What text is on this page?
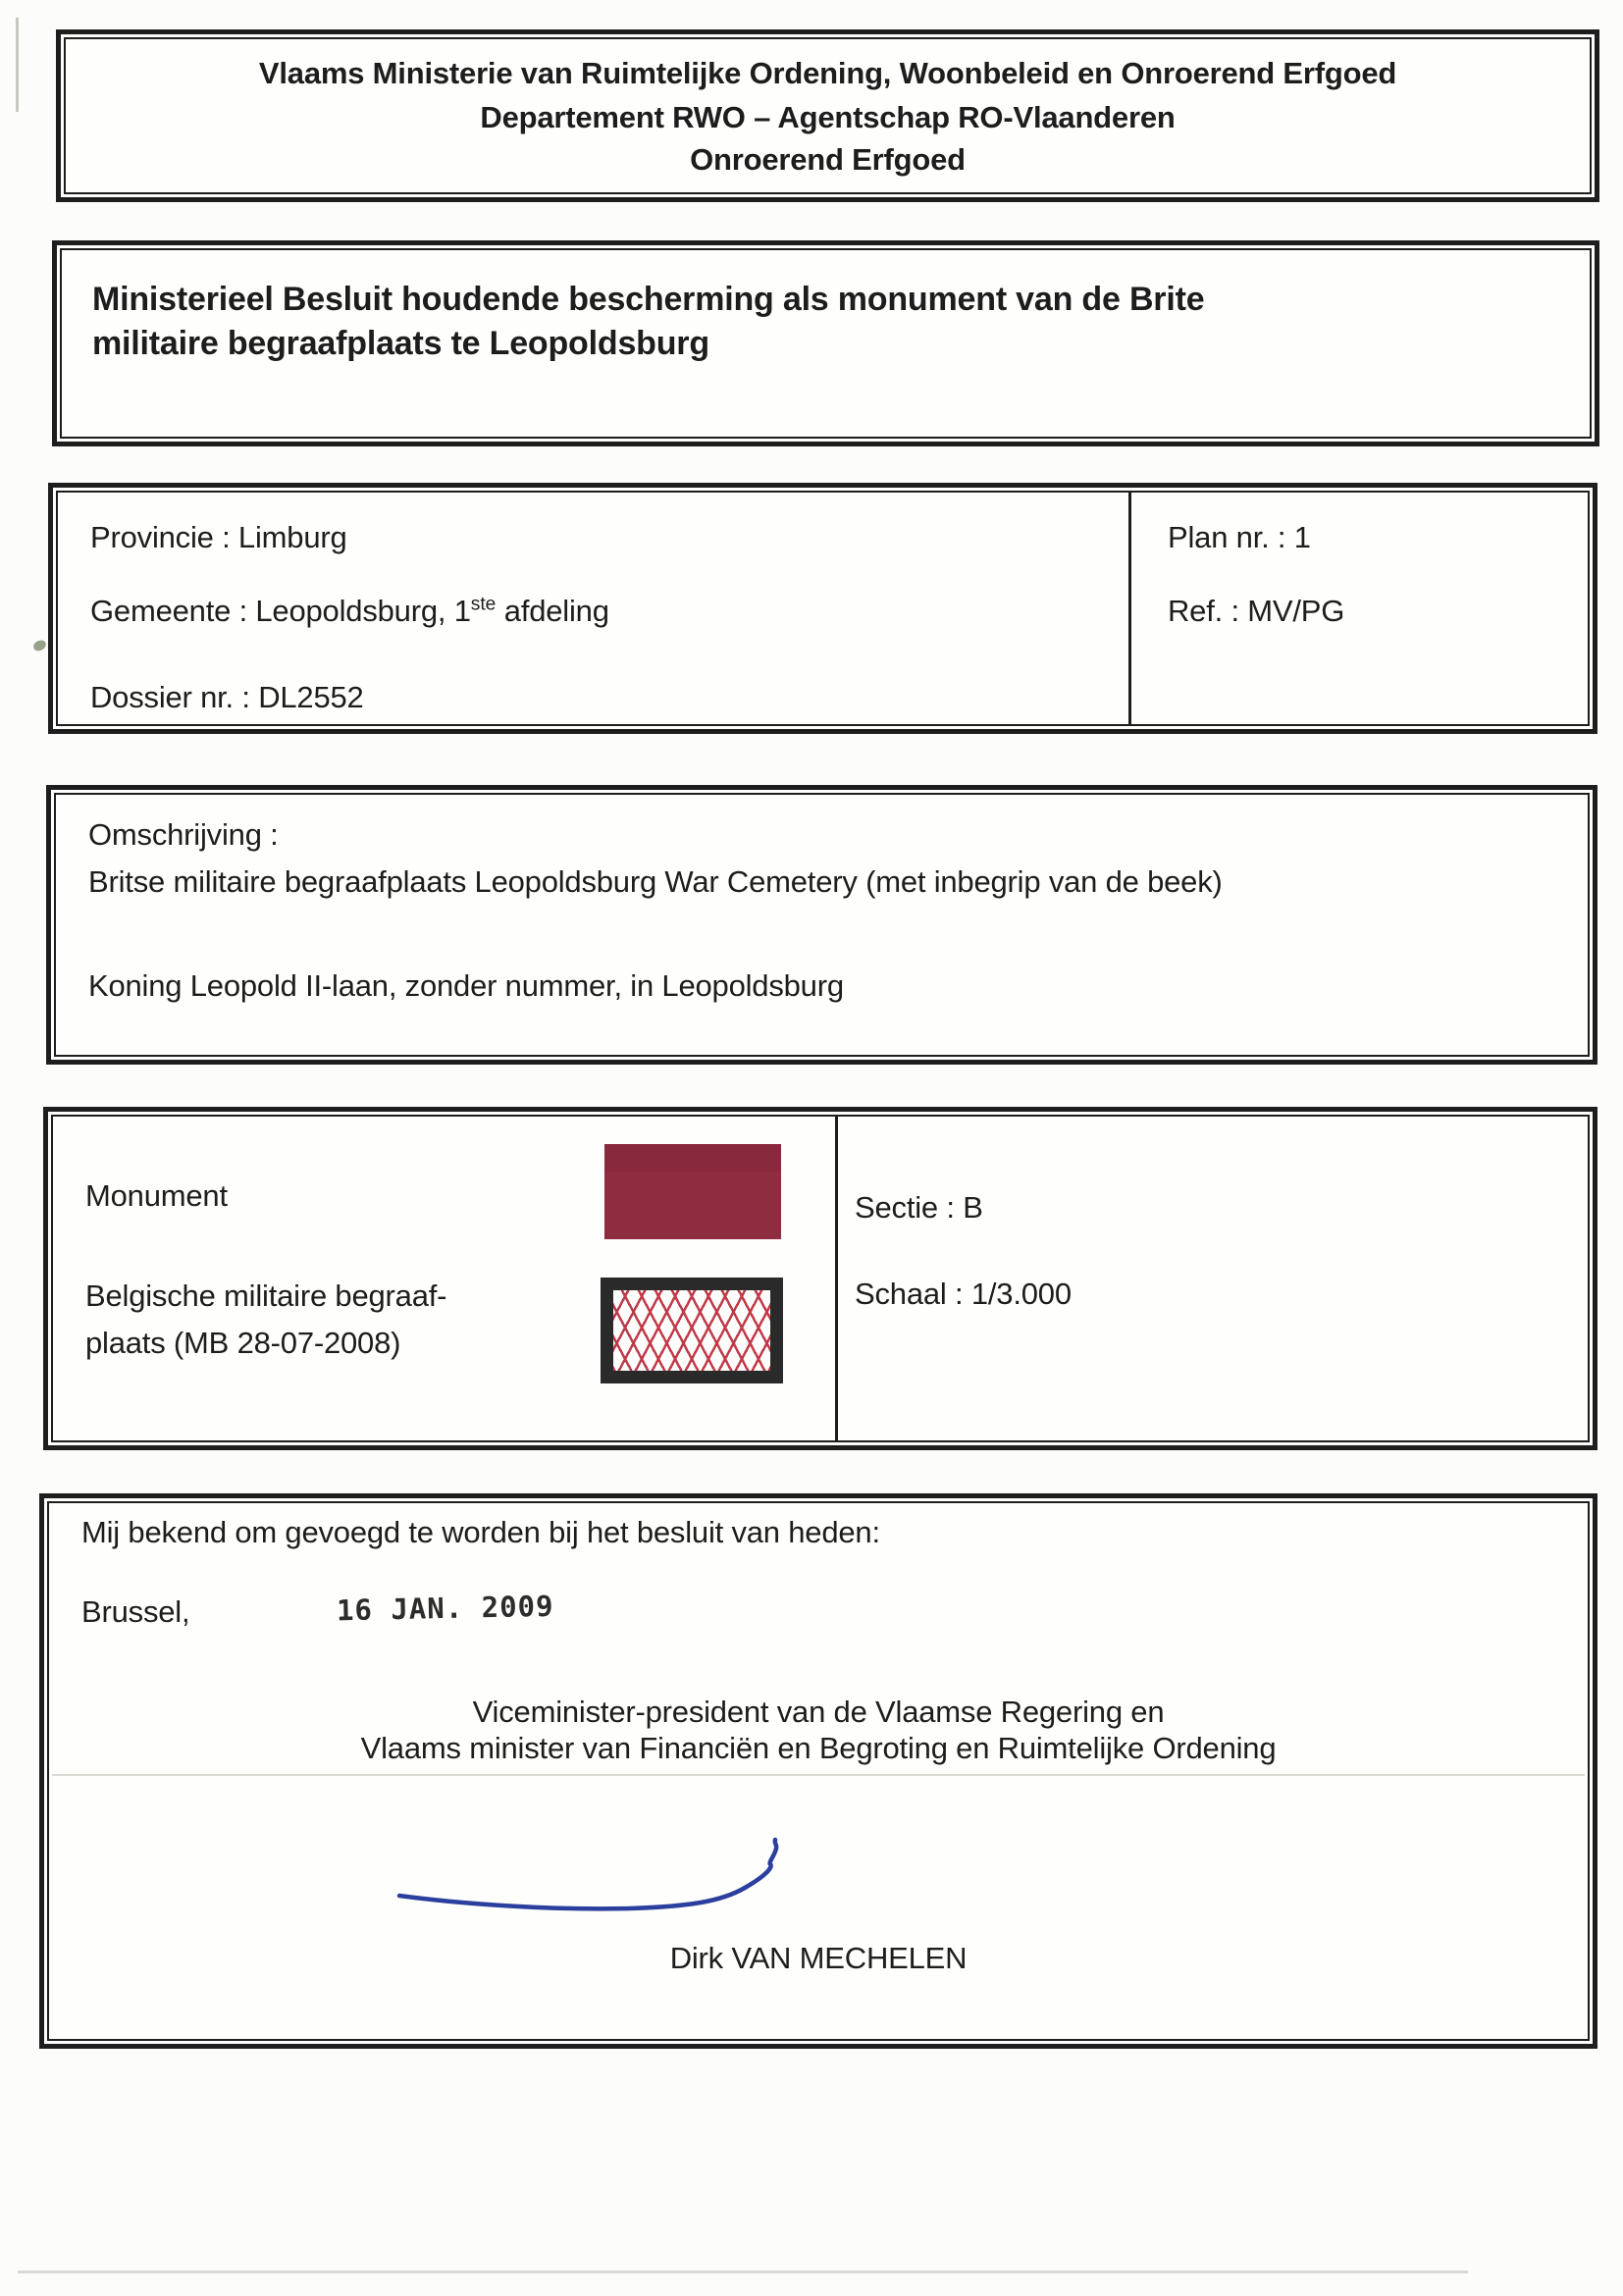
Vlaams Ministerie van Ruimtelijke Ordening, Woonbeleid en Onroerend Erfgoed
Departement RWO – Agentschap RO-Vlaanderen
Onroerend Erfgoed
Ministerieel Besluit houdende bescherming als monument van de Brite
militaire begraafplaats te Leopoldsburg
Provincie : Limburg
Gemeente : Leopoldsburg, 1ste afdeling
Dossier nr. : DL2552
Plan nr. : 1
Ref. : MV/PG
Omschrijving :
Britse militaire begraafplaats Leopoldsburg War Cemetery (met inbegrip van de beek)
Koning Leopold II-laan, zonder nummer, in Leopoldsburg
Monument
Belgische militaire begraaf-
plaats (MB 28-07-2008)
Sectie : B
Schaal : 1/3.000
Mij bekend om gevoegd te worden bij het besluit van heden:
Brussel,	16 JAN. 2009
Viceminister-president van de Vlaamse Regering en
Vlaams minister van Financiën en Begroting en Ruimtelijke Ordening
Dirk VAN MECHELEN
